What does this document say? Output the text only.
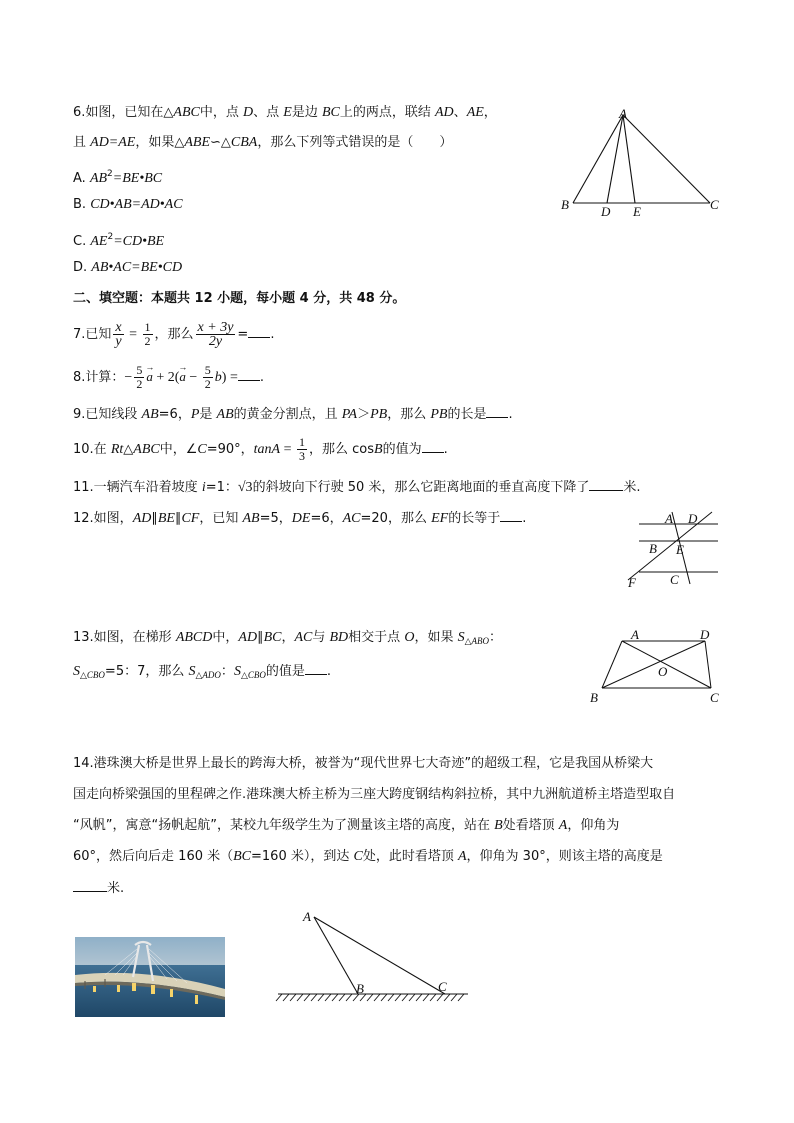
6.如图，已知在△ABC中，点 D、点 E是边 BC上的两点，联结 AD、AE，
且 AD=AE，如果△ABE∽△CBA，那么下列等式错误的是（　　）
A. $AB^2=BE•BC$
B. CD•AB=AD•AC
C. $AE^2=CD•BE$
D. AB•AC=BE•CD
A
B D E	C
二、填空题：本题共 12 小题，每小题 4 分，共 48 分。
7.已知 $\frac{x}{y} = \frac{1}{2}$ ，那么 $\frac{x + 3y}{2y}$ = .
8.计算：− $\frac{5}{2}$
→ $a + 2(\to a - \frac{5}{2} b)$ = .
9.已知线段 AB=6，P是 AB的黄金分割点，且 PA＞PB，那么 PB的长是 .
10.在 Rt△ABC中，∠C=90°，$\tan A = \frac{1}{3}$ ，那么 cosB的值为 .
11.一辆汽车沿着坡度 i=1：√3的斜坡向下行驶 50 米，那么它距离地面的垂直高度下降了	米.
12.如图，AD∥BE∥CF，已知 AB=5，DE=6，AC=20，那么 EF的长等于 .	A D
B E
F	C
13.如图，在梯形 ABCD中，AD∥BC，AC与 BD相交于点 O，如果 $S_{\triangle ABO}$：
$S_{\triangle CBO}=5$：7，那么 $S_{\triangle ADO}$：$S_{\triangle CBO}$的值是 .
A	D
B	C
O
14.港珠澳大桥是世界上最长的跨海大桥，被誉为“现代世界七大奇迹”的超级工程，它是我国从桥梁大
国走向桥梁强国的里程碑之作.港珠澳大桥主桥为三座大跨度钢结构斜拉桥，其中九洲航道桥主塔造型取自
“风帆”，寓意“扬帆起航”，某校九年级学生为了测量该主塔的高度，站在 B处看塔顶 A，仰角为
60°，然后向后走 160 米（BC=160 米），到达 C处，此时看塔顶 A，仰角为 30°，则该主塔的高度是
米.
A
B	C
